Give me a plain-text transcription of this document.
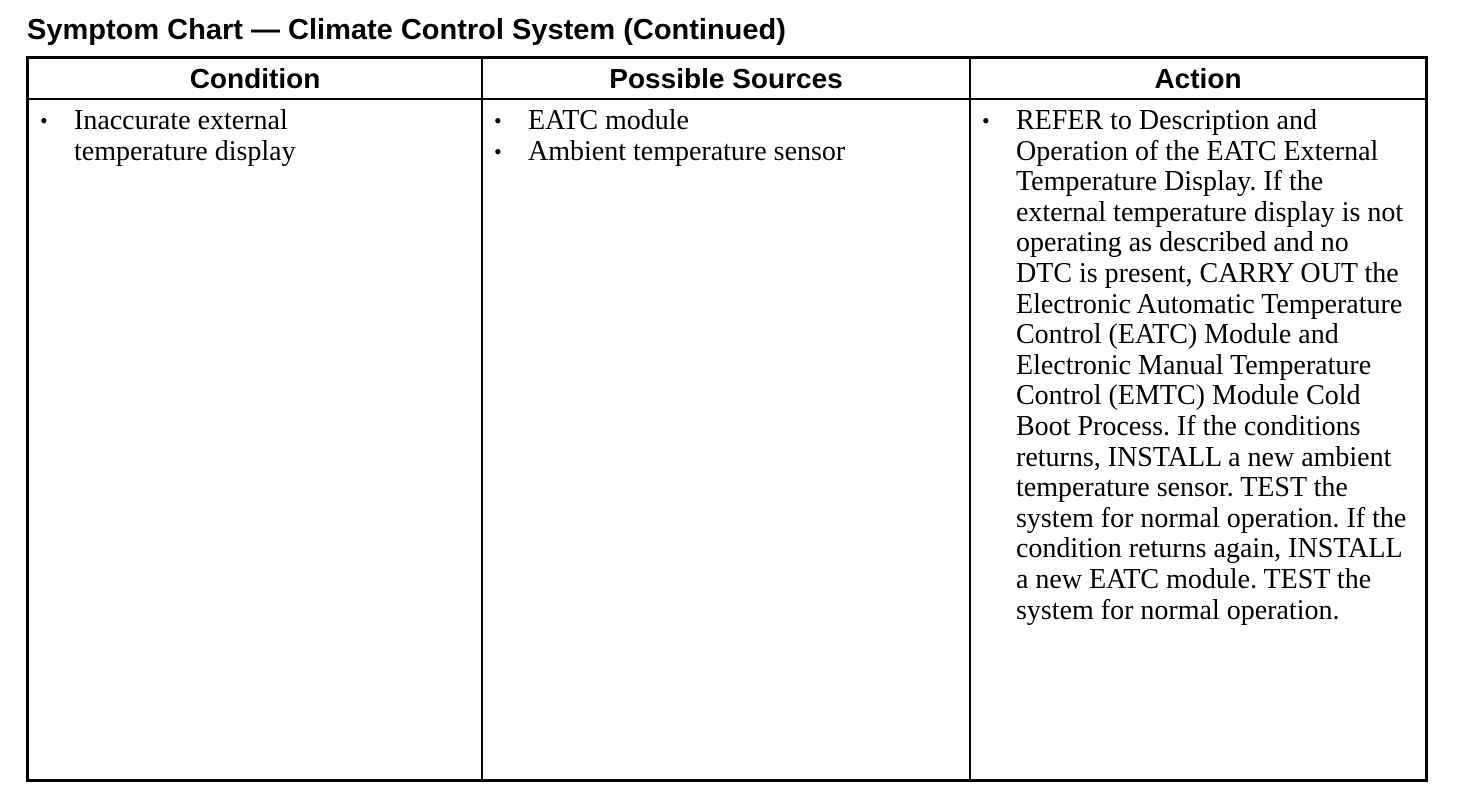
Symptom Chart — Climate Control System (Continued)
Condition	Possible Sources	Action
• Inaccurate external temperature display
• EATC module
• Ambient temperature sensor
• REFER to Description and Operation of the EATC External Temperature Display. If the external temperature display is not operating as described and no DTC is present, CARRY OUT the Electronic Automatic Temperature Control (EATC) Module and Electronic Manual Temperature Control (EMTC) Module Cold Boot Process. If the conditions returns, INSTALL a new ambient temperature sensor. TEST the system for normal operation. If the condition returns again, INSTALL a new EATC module. TEST the system for normal operation.
